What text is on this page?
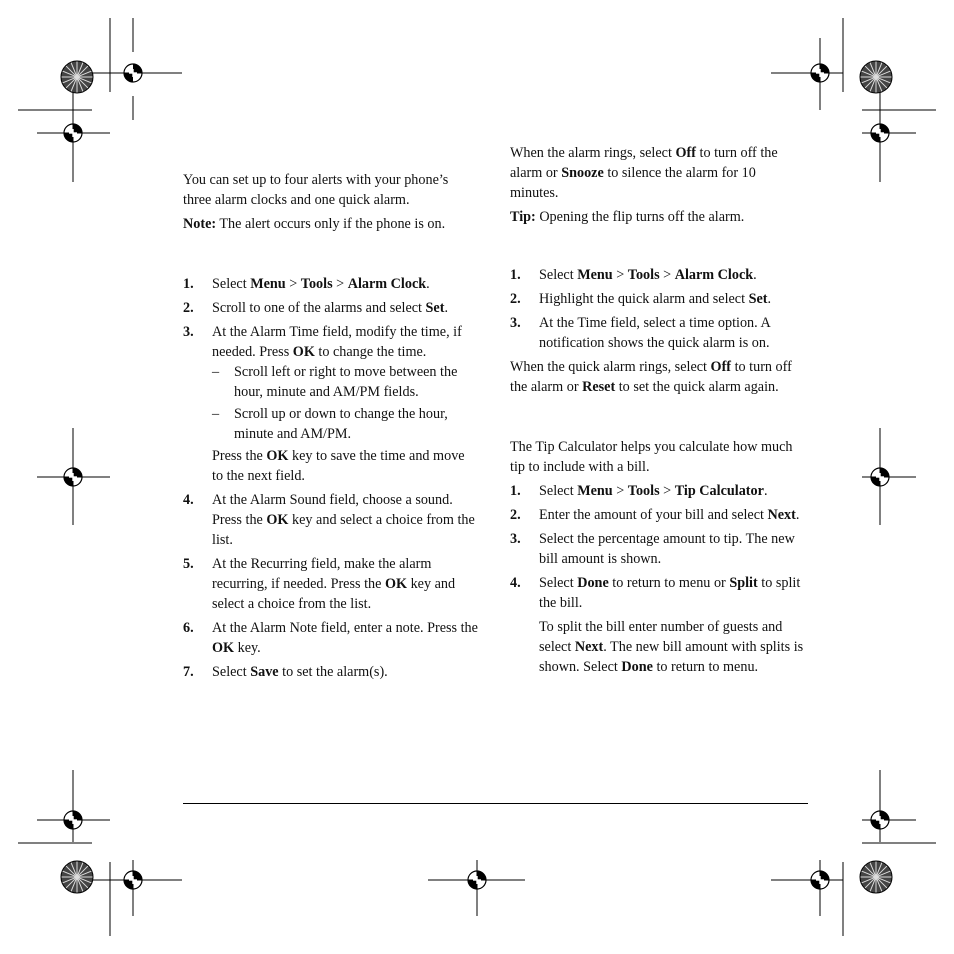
You can set up to four alerts with your phone’s three alarm clocks and one quick alarm.

Note: The alert occurs only if the phone is on.

1. Select Menu > Tools > Alarm Clock.
2. Scroll to one of the alarms and select Set.
3. At the Alarm Time field, modify the time, if needed. Press OK to change the time.
– Scroll left or right to move between the hour, minute and AM/PM fields.
– Scroll up or down to change the hour, minute and AM/PM.

Press the OK key to save the time and move to the next field.

4. At the Alarm Sound field, choose a sound. Press the OK key and select a choice from the list.
5. At the Recurring field, make the alarm recurring, if needed. Press the OK key and select a choice from the list.
6. At the Alarm Note field, enter a note. Press the OK key.
7. Select Save to set the alarm(s).

When the alarm rings, select Off to turn off the alarm or Snooze to silence the alarm for 10 minutes.

Tip: Opening the flip turns off the alarm.

1. Select Menu > Tools > Alarm Clock.
2. Highlight the quick alarm and select Set.
3. At the Time field, select a time option. A notification shows the quick alarm is on.

When the quick alarm rings, select Off to turn off the alarm or Reset to set the quick alarm again.

The Tip Calculator helps you calculate how much tip to include with a bill.

1. Select Menu > Tools > Tip Calculator.
2. Enter the amount of your bill and select Next.
3. Select the percentage amount to tip. The new bill amount is shown.
4. Select Done to return to menu or Split to split the bill.

To split the bill enter number of guests and select Next. The new bill amount with splits is shown. Select Done to return to menu.
